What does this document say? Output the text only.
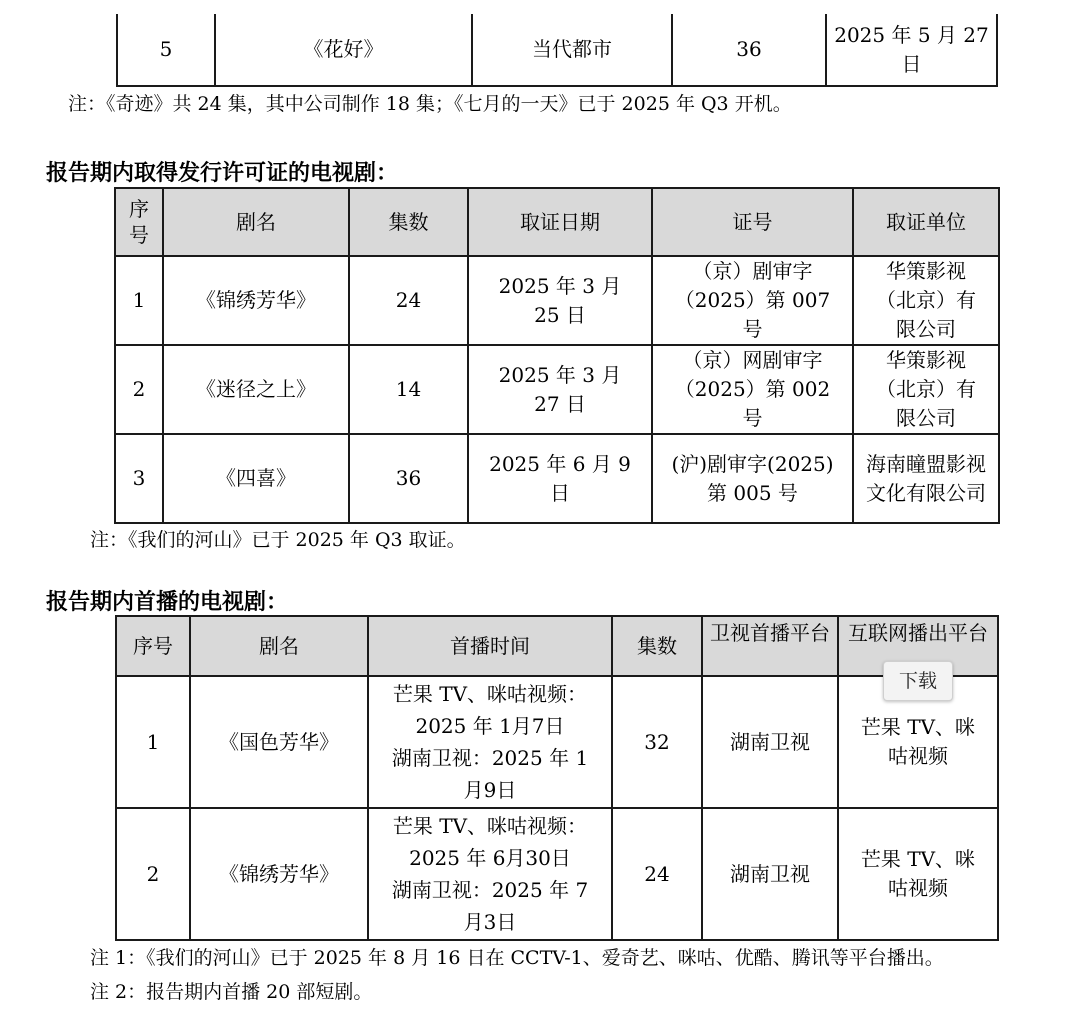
5	《花好》	当代都市	36	2025 年 5 月 27 日
注：《奇迹》共 24 集，其中公司制作 18 集；《七月的一天》已于 2025 年 Q3 开机。
报告期内取得发行许可证的电视剧：
序号	剧名	集数	取证日期	证号	取证单位
1	《锦绣芳华》	24	2025 年 3 月 25 日	（京）剧审字（2025）第 007 号	华策影视（北京）有限公司
2	《迷径之上》	14	2025 年 3 月 27 日	（京）网剧审字（2025）第 002 号	华策影视（北京）有限公司
3	《四喜》	36	2025 年 6 月 9 日	(沪)剧审字(2025)第 005 号	海南瞳盟影视文化有限公司
注：《我们的河山》已于 2025 年 Q3 取证。
报告期内首播的电视剧：
序号	剧名	首播时间	集数	卫视首播平台	互联网播出平台
1	《国色芳华》	芒果 TV、咪咕视频：
2025 年 1月7日
湖南卫视：2025 年 1
月9日	32	湖南卫视	芒果 TV、咪咕视频
2	《锦绣芳华》	芒果 TV、咪咕视频：
2025 年 6月30日
湖南卫视：2025 年 7
月3日	24	湖南卫视	芒果 TV、咪咕视频
注 1：《我们的河山》已于 2025 年 8 月 16 日在 CCTV-1、爱奇艺、咪咕、优酷、腾讯等平台播出。
注 2：报告期内首播 20 部短剧。
下载
